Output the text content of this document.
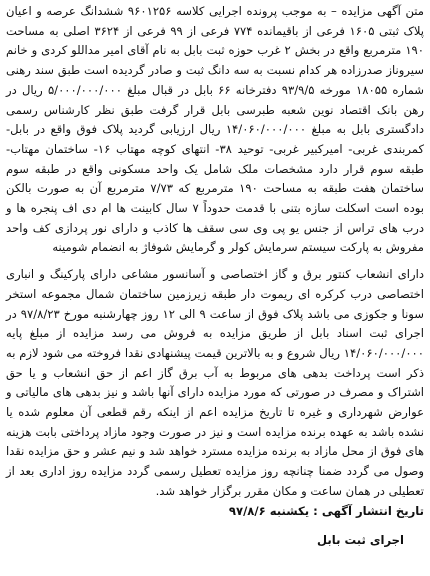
متن آگهی مزایده – به موجب پرونده اجرایی کلاسه ۹۶۰۱۲۵۶ ششدانگ عرصه و اعیان پلاک ثبتی ۱۶۰۵ فرعی از باقیمانده ۷۷۴ فرعی از ۹۹ فرعی از ۳۶۲۴ اصلی به مساحت ۱۹۰ مترمربع واقع در بخش ۲ غرب حوزه ثبت بابل به نام آقای امیر مداللو کردی و خانم سیروناز صدرزاده هر کدام نسبت به سه دانگ ثبت و صادر گردیده است طبق سند رهنی شماره ۱۸۰۵۵ مورخه ۹۳/۹/۵ دفترخانه ۶۶ بابل در قبال مبلغ ۵/۰۰۰/۰۰۰/۰۰۰ ریال در رهن بانک اقتصاد نوین شعبه طبرسی بابل قرار گرفت طبق نظر کارشناس رسمی دادگستری بابل به مبلغ ۱۴/۰۶۰/۰۰۰/۰۰۰ ریال ارزیابی گردید پلاک فوق واقع در بابل- کمربندی غربی- امیرکبیر غربی- توحید ۳۸- انتهای کوچه مهتاب ۱۶- ساختمان مهتاب- طبقه سوم قرار دارد مشخصات ملک شامل یک واحد مسکونی واقع در طبقه سوم ساختمان هفت طبقه به مساحت ۱۹۰ مترمربع که ۷/۷۳ مترمربع آن به صورت بالکن بوده است اسکلت سازه بتنی با قدمت حدوداً ۷ سال کابینت ها ام دی اف پنجره ها و درب های تراس از جنس یو پی وی سی سقف ها کاذب و دارای نور پردازی کف واحد مفروش به پارکت سیستم سرمایش کولر و گرمایش شوفاژ به انضمام شومینه

دارای انشعاب کنتور برق و گاز اختصاصی و آسانسور مشاعی دارای پارکینگ و انباری اختصاصی درب کرکره ای ریموت دار طبقه زیرزمین ساختمان شمال مجموعه استخر سونا و جکوزی می باشد پلاک فوق از ساعت ۹ الی ۱۲ روز چهارشنبه مورخ ۹۷/۸/۲۳ در اجرای ثبت اسناد بابل از طریق مزایده به فروش می رسد مزایده از مبلغ پایه ۱۴/۰۶۰/۰۰۰/۰۰۰ ریال شروع و به بالاترین قیمت پیشنهادی نقدا فروخته می شود لازم به ذکر است پرداخت بدهی های مربوط به آب برق گاز اعم از حق انشعاب و یا حق اشتراک و مصرف در صورتی که مورد مزایده دارای آنها باشد و نیز بدهی های مالیاتی و عوارض شهرداری و غیره تا تاریخ مزایده اعم از اینکه رقم قطعی آن معلوم شده یا نشده باشد به عهده برنده مزایده است و نیز در صورت وجود مازاد پرداختی بابت هزینه های فوق از محل مازاد به برنده مزایده مسترد خواهد شد و نیم عشر و حق مزایده نقدا وصول می گردد ضمنا چنانچه روز مزایده تعطیل رسمی گردد مزایده روز اداری بعد از تعطیلی در همان ساعت و مکان مقرر برگزار خواهد شد.

تاریخ انتشار آگهی : یکشنبه ۹۷/۸/۶

اجرای ثبت بابل
